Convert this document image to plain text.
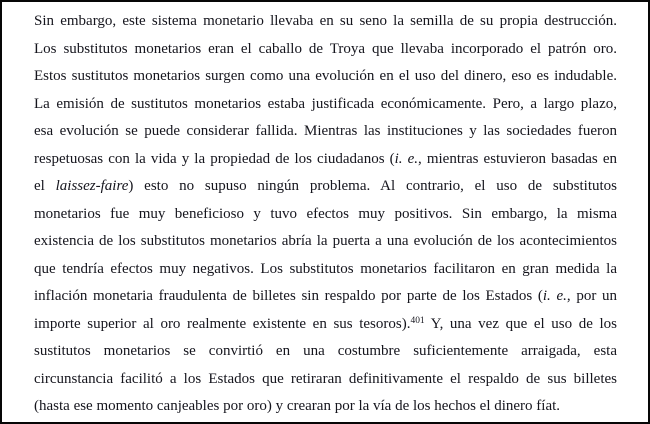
Sin embargo, este sistema monetario llevaba en su seno la semilla de su propia destrucción.
Los substitutos monetarios eran el caballo de Troya que llevaba incorporado el patrón oro.
Estos sustitutos monetarios surgen como una evolución en el uso del dinero, eso es indudable.
La emisión de sustitutos monetarios estaba justificada económicamente. Pero, a largo plazo,
esa evolución se puede considerar fallida. Mientras las instituciones y las sociedades fueron
respetuosas con la vida y la propiedad de los ciudadanos (i. e., mientras estuvieron basadas en
el laissez-faire) esto no supuso ningún problema. Al contrario, el uso de substitutos
monetarios fue muy beneficioso y tuvo efectos muy positivos. Sin embargo, la misma
existencia de los substitutos monetarios abría la puerta a una evolución de los acontecimientos
que tendría efectos muy negativos. Los substitutos monetarios facilitaron en gran medida la
inflación monetaria fraudulenta de billetes sin respaldo por parte de los Estados (i. e., por un
importe superior al oro realmente existente en sus tesoros).$^{401}$ Y, una vez que el uso de los
sustitutos monetarios se convirtió en una costumbre suficientemente arraigada, esta
circunstancia facilitó a los Estados que retiraran definitivamente el respaldo de sus billetes
(hasta ese momento canjeables por oro) y crearan por la vía de los hechos el dinero fíat.
